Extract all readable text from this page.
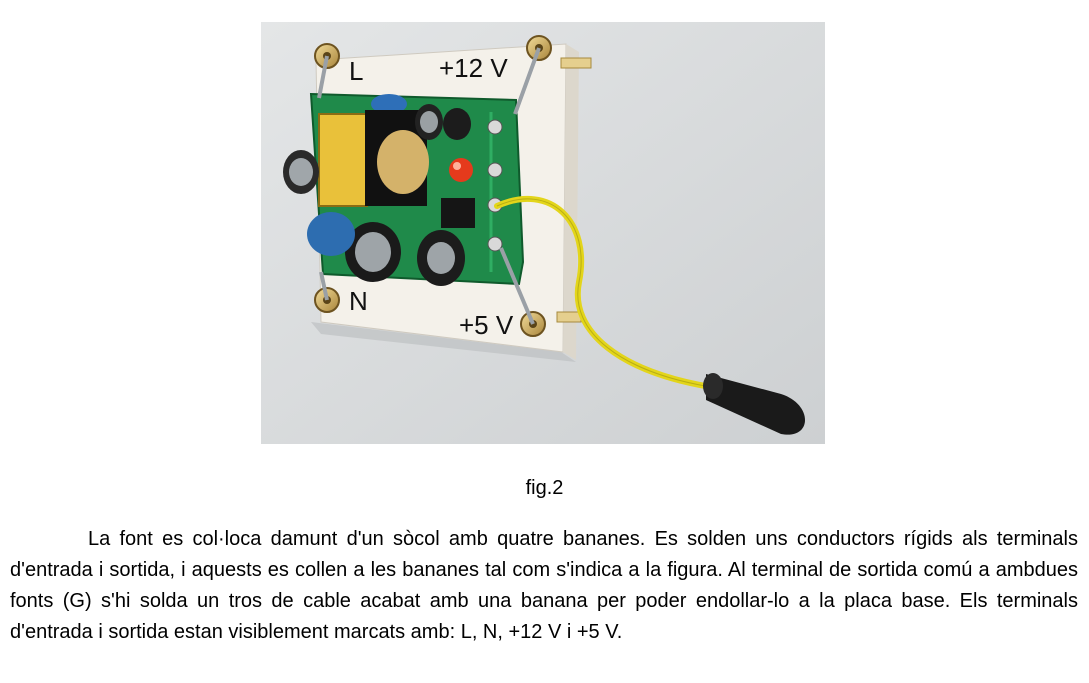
L	+12 V
N
+5 V
fig.2

La font es col·loca damunt d'un sòcol amb quatre bananes. Es solden uns conductors rígids als terminals d'entrada i sortida, i aquests es collen a les bananes tal com s'indica a la figura. Al terminal de sortida comú a ambdues fonts (G) s'hi solda un tros de cable acabat amb una banana per poder endollar-lo a la placa base. Els terminals d'entrada i sortida estan visiblement marcats amb: L, N, +12 V i +5 V.
